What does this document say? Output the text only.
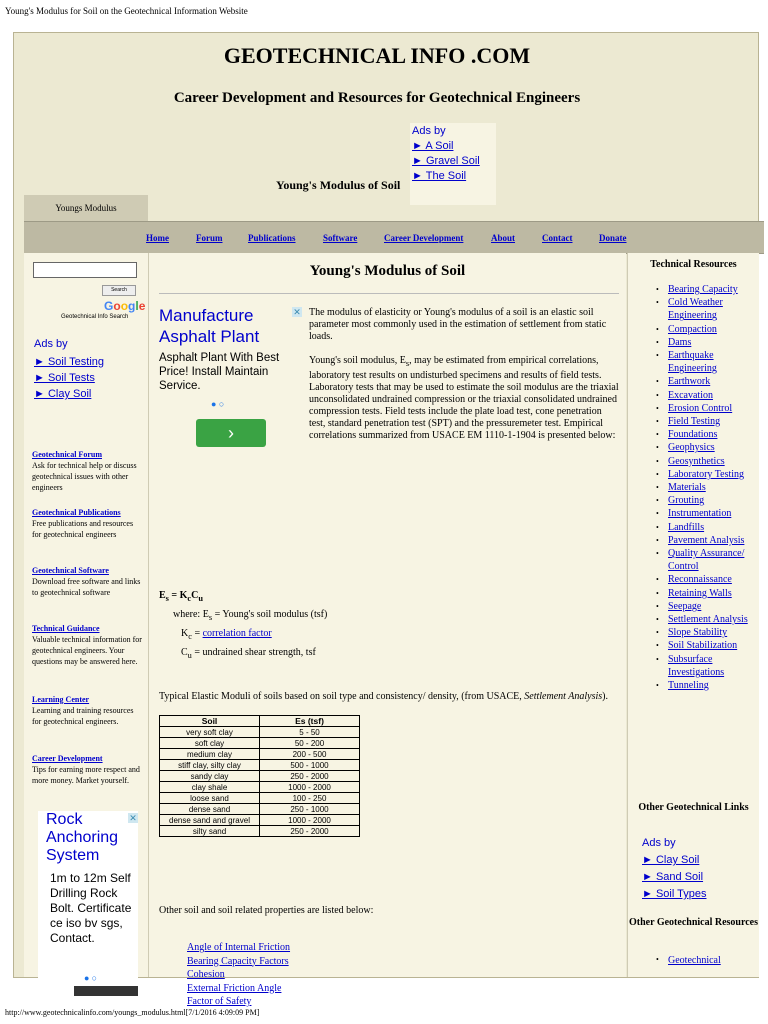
Young's Modulus for Soil on the Geotechnical Information Website
GEOTECHNICAL INFO .COM
Career Development and Resources for Geotechnical Engineers
Young's Modulus of Soil
Ads by
► A Soil
► Gravel Soil
► The Soil
Youngs Modulus
Home	Forum	Publications	Software	Career Development	About	Contact	Donate
Search
Google
Geotechnical Info Search
Ads by
► Soil Testing
► Soil Tests
► Clay Soil
Geotechnical Forum
Ask for technical help or discuss geotechnical issues with other engineers
Geotechnical Publications
Free publications and resources for geotechnical engineers
Geotechnical Software
Download free software and links to geotechnical software
Technical Guidance
Valuable technical information for geotechnical engineers. Your questions may be answered here.
Learning Center
Learning and training resources for geotechnical engineers.
Career Development
Tips for earning more respect and more money. Market yourself.
Rock Anchoring System
1m to 12m Self Drilling Rock Bolt. Certificate ce iso bv sgs, Contact.
✕
● ○
Young's Modulus of Soil
Manufacture Asphalt Plant
Asphalt Plant With Best Price! Install Maintain Service.
● ○
›
✕ The modulus of elasticity or Young's modulus of a soil is an elastic soil parameter most commonly used in the estimation of settlement from static loads.
Young's soil modulus, $E_s$, may be estimated from empirical correlations, laboratory test results on undisturbed specimens and results of field tests. Laboratory tests that may be used to estimate the soil modulus are the triaxial unconsolidated undrained compression or the triaxial consolidated undrained compression tests. Field tests include the plate load test, cone penetration test, standard penetration test (SPT) and the pressuremeter test. Empirical correlations summarized from USACE EM 1110-1-1904 is presented below:
$E_s = K_cC_u$
where: $E_s$ = Young's soil modulus (tsf)
$K_c$ = correlation factor
$C_u$ = undrained shear strength, tsf
Typical Elastic Moduli of soils based on soil type and consistency/ density, (from USACE, Settlement Analysis).
Soil	Es (tsf)
very soft clay	5 - 50
soft clay	50 - 200
medium clay	200 - 500
stiff clay, silty clay	500 - 1000
sandy clay	250 - 2000
clay shale	1000 - 2000
loose sand	100 - 250
dense sand	250 - 1000
dense sand and gravel	1000 - 2000
silty sand	250 - 2000
Other soil and soil related properties are listed below:
Angle of Internal Friction
Bearing Capacity Factors
Cohesion
External Friction Angle
Factor of Safety
Technical Resources
• Bearing Capacity
• Cold Weather Engineering
• Compaction
• Dams
• Earthquake Engineering
• Earthwork
• Excavation
• Erosion Control
• Field Testing
• Foundations
• Geophysics
• Geosynthetics
• Laboratory Testing
• Materials
• Grouting
• Instrumentation
• Landfills
• Pavement Analysis
• Quality Assurance/ Control
• Reconnaissance
• Retaining Walls
• Seepage
• Settlement Analysis
• Slope Stability
• Soil Stabilization
• Subsurface Investigations
• Tunneling
Other Geotechnical Links
Ads by
► Clay Soil
► Sand Soil
► Soil Types
Other Geotechnical Resources
• Geotechnical
http://www.geotechnicalinfo.com/youngs_modulus.html[7/1/2016 4:09:09 PM]
